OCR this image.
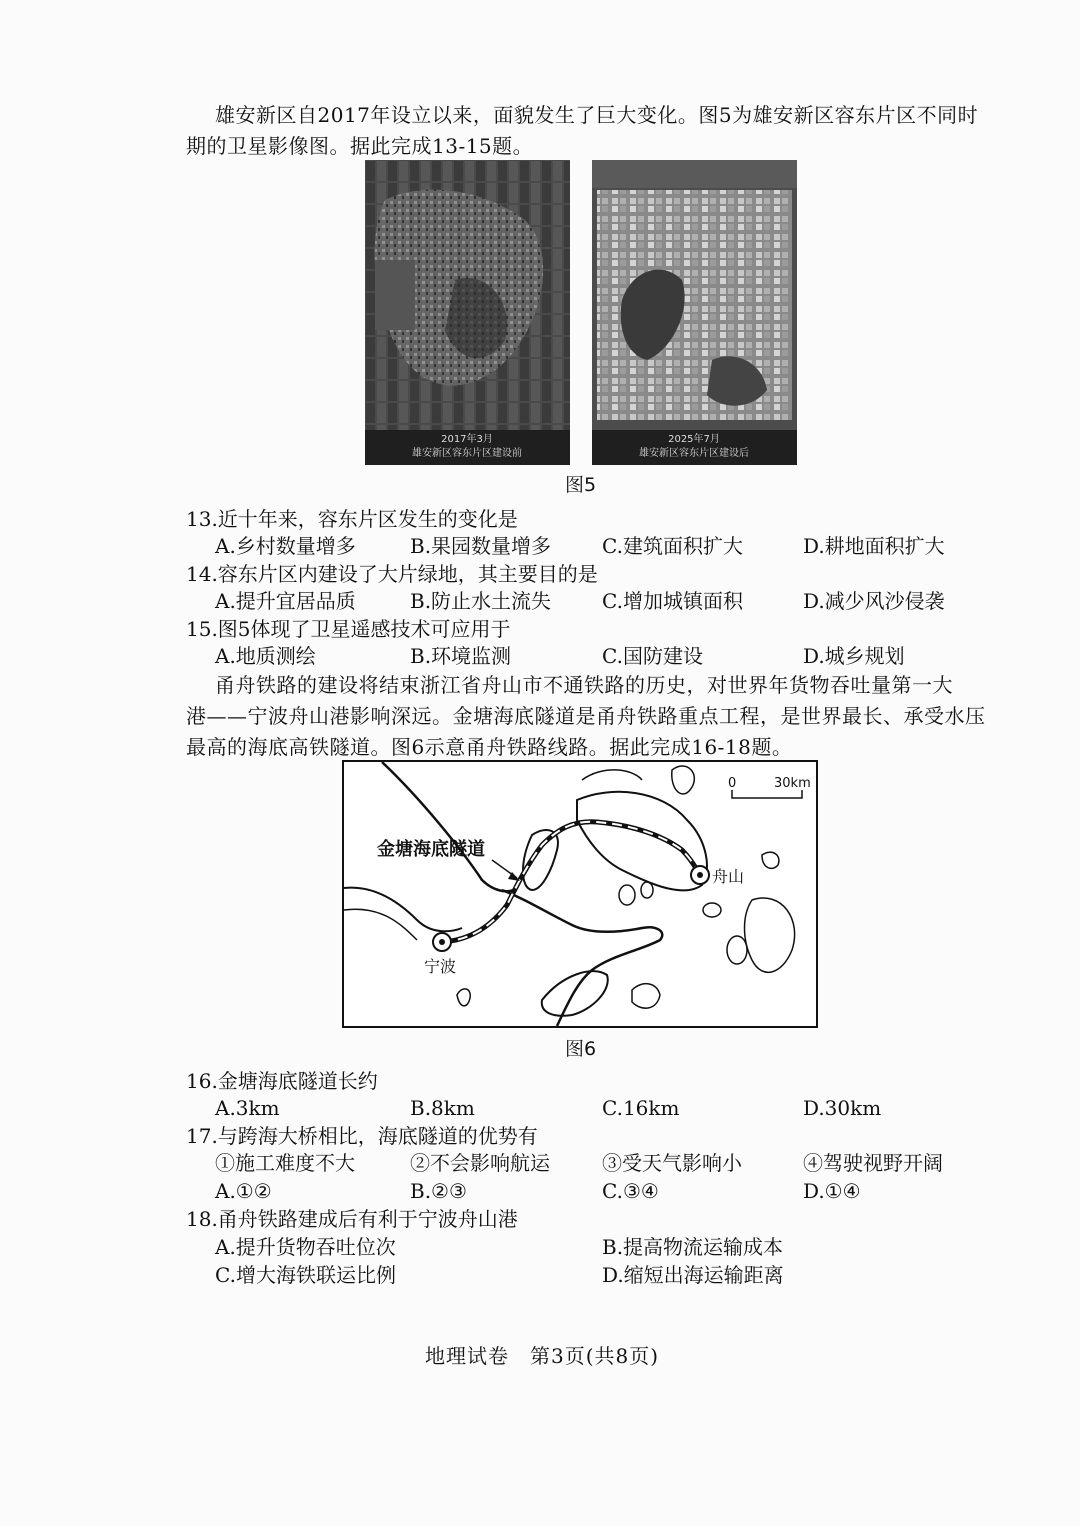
雄安新区自2017年设立以来，面貌发生了巨大变化。图5为雄安新区容东片区不同时
期的卫星影像图。据此完成13-15题。
2017年3月
雄安新区容东片区建设前
2025年7月
雄安新区容东片区建设后
图5
13.近十年来，容东片区发生的变化是
A.乡村数量增多	B.果园数量增多	C.建筑面积扩大	D.耕地面积扩大
14.容东片区内建设了大片绿地，其主要目的是
A.提升宜居品质	B.防止水土流失	C.增加城镇面积	D.减少风沙侵袭
15.图5体现了卫星遥感技术可应用于
A.地质测绘	B.环境监测	C.国防建设	D.城乡规划
甬舟铁路的建设将结束浙江省舟山市不通铁路的历史，对世界年货物吞吐量第一大
港——宁波舟山港影响深远。金塘海底隧道是甬舟铁路重点工程，是世界最长、承受水压
最高的海底高铁隧道。图6示意甬舟铁路线路。据此完成16-18题。
金塘海底隧道
宁波
舟山
0	30km
图6
16.金塘海底隧道长约
A.3km	B.8km	C.16km	D.30km
17.与跨海大桥相比，海底隧道的优势有
①施工难度不大	②不会影响航运	③受天气影响小	④驾驶视野开阔
A.①②	B.②③	C.③④	D.①④
18.甬舟铁路建成后有利于宁波舟山港
A.提升货物吞吐位次	B.提高物流运输成本
C.增大海铁联运比例	D.缩短出海运输距离
地理试卷　第3页(共8页)
